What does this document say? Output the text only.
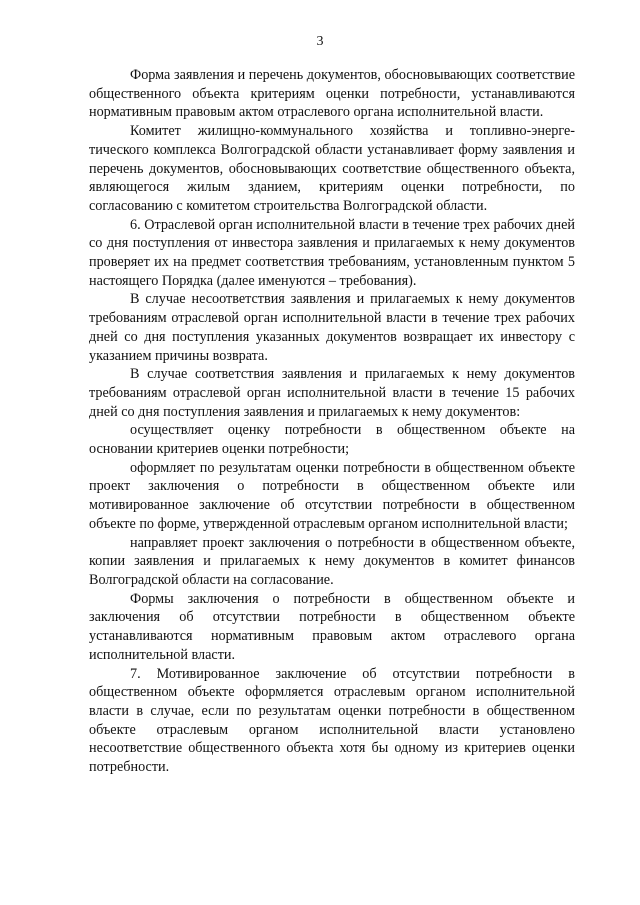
3

Форма заявления и перечень документов, обосновывающих соответствие общественного объекта критериям оценки потребности, устанавливаются нормативным правовым актом отраслевого органа исполнительной власти.

Комитет жилищно-коммунального хозяйства и топливно-энергетического комплекса Волгоградской области устанавливает форму заявления и перечень документов, обосновывающих соответствие общественного объекта, являющегося жилым зданием, критериям оценки потребности, по согласованию с комитетом строительства Волгоградской области.

6. Отраслевой орган исполнительной власти в течение трех рабочих дней со дня поступления от инвестора заявления и прилагаемых к нему документов проверяет их на предмет соответствия требованиям, установленным пунктом 5 настоящего Порядка (далее именуются – требования).

В случае несоответствия заявления и прилагаемых к нему документов требованиям отраслевой орган исполнительной власти в течение трех рабочих дней со дня поступления указанных документов возвращает их инвестору с указанием причины возврата.

В случае соответствия заявления и прилагаемых к нему документов требованиям отраслевой орган исполнительной власти в течение 15 рабочих дней со дня поступления заявления и прилагаемых к нему документов:

осуществляет оценку потребности в общественном объекте на основании критериев оценки потребности;

оформляет по результатам оценки потребности в общественном объекте проект заключения о потребности в общественном объекте или мотивированное заключение об отсутствии потребности в общественном объекте по форме, утвержденной отраслевым органом исполнительной власти;

направляет проект заключения о потребности в общественном объекте, копии заявления и прилагаемых к нему документов в комитет финансов Волгоградской области на согласование.

Формы заключения о потребности в общественном объекте и заключения об отсутствии потребности в общественном объекте устанавливаются нормативным правовым актом отраслевого органа исполнительной власти.

7. Мотивированное заключение об отсутствии потребности в общественном объекте оформляется отраслевым органом исполнительной власти в случае, если по результатам оценки потребности в общественном объекте отраслевым органом исполнительной власти установлено несоответствие общественного объекта хотя бы одному из критериев оценки потребности.
